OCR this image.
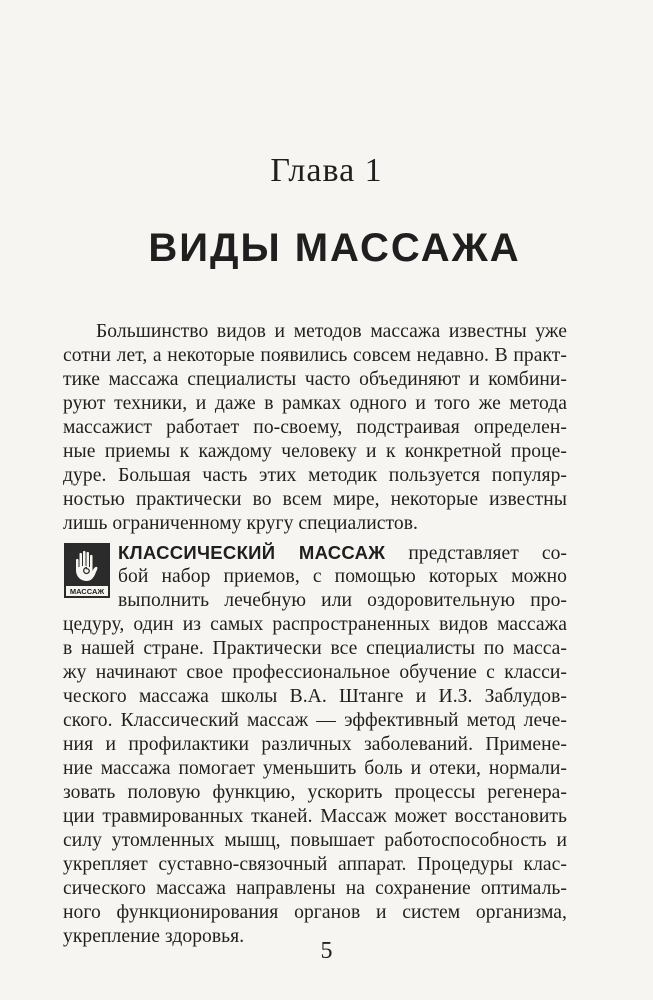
Глава 1
ВИДЫ МАССАЖА
Большинство видов и методов массажа известны уже
сотни лет, а некоторые появились совсем недавно. В практ-
тике массажа специалисты часто объединяют и комбини-
руют техники, и даже в рамках одного и того же метода
массажист работает по-своему, подстраивая определен-
ные приемы к каждому человеку и к конкретной проце-
дуре. Большая часть этих методик пользуется популяр-
ностью практически во всем мире, некоторые известны
лишь ограниченному кругу специалистов.
МАССАЖ
КЛАССИЧЕСКИЙ МАССАЖ представляет со-
бой набор приемов, с помощью которых можно
выполнить лечебную или оздоровительную про-
цедуру, один из самых распространенных видов массажа
в нашей стране. Практически все специалисты по масса-
жу начинают свое профессиональное обучение с класси-
ческого массажа школы В.А. Штанге и И.З. Заблудов-
ского. Классический массаж — эффективный метод лече-
ния и профилактики различных заболеваний. Примене-
ние массажа помогает уменьшить боль и отеки, нормали-
зовать половую функцию, ускорить процессы регенера-
ции травмированных тканей. Массаж может восстановить
силу утомленных мышц, повышает работоспособность и
укрепляет суставно-связочный аппарат. Процедуры клас-
сического массажа направлены на сохранение оптималь-
ного функционирования органов и систем организма,
укрепление здоровья.
5
